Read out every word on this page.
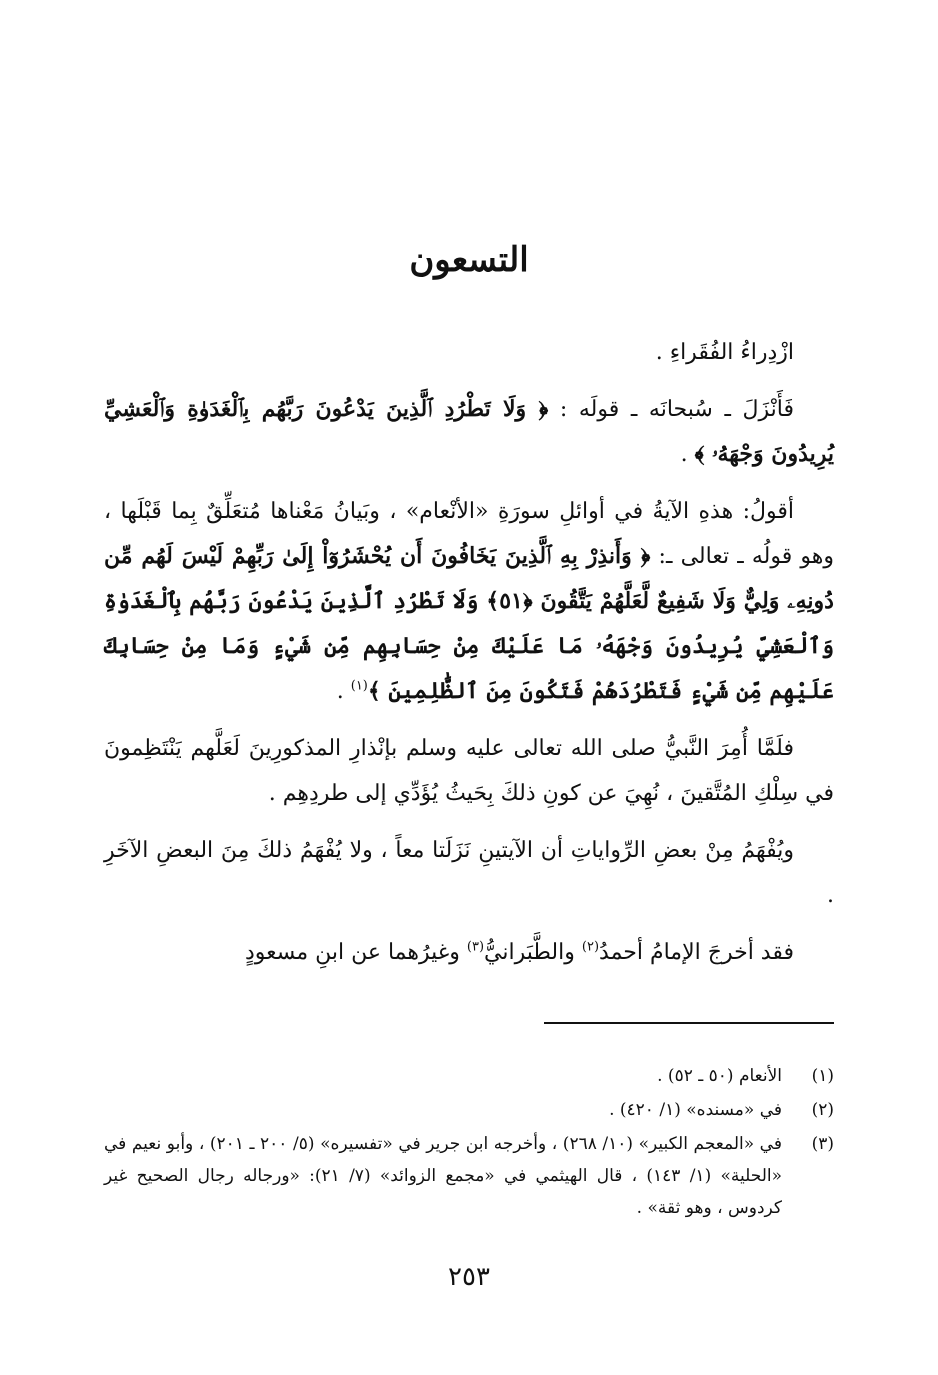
التسعون

ازْدِراءُ الفُقَراءِ .

فَأَنْزَلَ ـ سُبحانَه ـ قولَه : ﴿ وَلَا تَطْرُدِ ٱلَّذِينَ يَدْعُونَ رَبَّهُم بِٱلْغَدَوٰةِ وَٱلْعَشِيِّ يُرِيدُونَ وَجْهَهُۥ ﴾ .

أقولُ: هذهِ الآيةُ في أوائلِ سورَةِ «الأنْعام» ، وبَيانُ مَعْناها مُتعَلِّقٌ بِما قَبْلَها ، وهو قولُه ـ تعالى ـ: ﴿ وَأَنذِرْ بِهِ ٱلَّذِينَ يَخَافُونَ أَن يُحْشَرُوٓاْ إِلَىٰ رَبِّهِمْ لَيْسَ لَهُم مِّن دُونِهِۦ وَلِيٌّ وَلَا شَفِيعٌ لَّعَلَّهُمْ يَتَّقُونَ ﴿٥١﴾ وَلَا تَطْرُدِ ٱلَّذِينَ يَدْعُونَ رَبَّهُم بِٱلْغَدَوٰةِ وَٱلْعَشِيِّ يُرِيدُونَ وَجْهَهُۥ مَا عَلَيْكَ مِنْ حِسَابِهِم مِّن شَيْءٍ وَمَا مِنْ حِسَابِكَ عَلَيْهِم مِّن شَيْءٍ فَتَطْرُدَهُمْ فَتَكُونَ مِنَ ٱلظَّٰلِمِينَ ﴾$^{(١)}$ .

فلَمَّا أُمِرَ النَّبيُّ صلى الله تعالى عليه وسلم بإنْذارِ المذكورِينَ لَعَلَّهم يَنْتَظِمونَ في سِلْكِ المُتَّقينَ ، نُهِيَ عن كونِ ذلكَ بِحَيثُ يُؤَدِّي إلى طردِهِم .

ويُفْهَمُ مِنْ بعضِ الرِّواياتِ أن الآيتينِ نَزَلَتا معاً ، ولا يُفْهَمُ ذلكَ مِنَ البعضِ الآخَرِ .

فقد أخرجَ الإمامُ أحمدُ$^{(٢)}$ والطَّبَرانيُّ$^{(٣)}$ وغيرُهما عن ابنِ مسعودٍ

(١)
الأنعام (٥٠ ـ ٥٢) .
(٢)
في «مسنده» (١/ ٤٢٠) .
(٣)
في «المعجم الكبير» (١٠/ ٢٦٨) ، وأخرجه ابن جرير في «تفسيره» (٥/ ٢٠٠ ـ ٢٠١) ، وأبو نعيم في «الحلية» (١/ ١٤٣) ، قال الهيثمي في «مجمع الزوائد» (٧/ ٢١): «ورجاله رجال الصحيح غير كردوس ، وهو ثقة» .
٢٥٣
